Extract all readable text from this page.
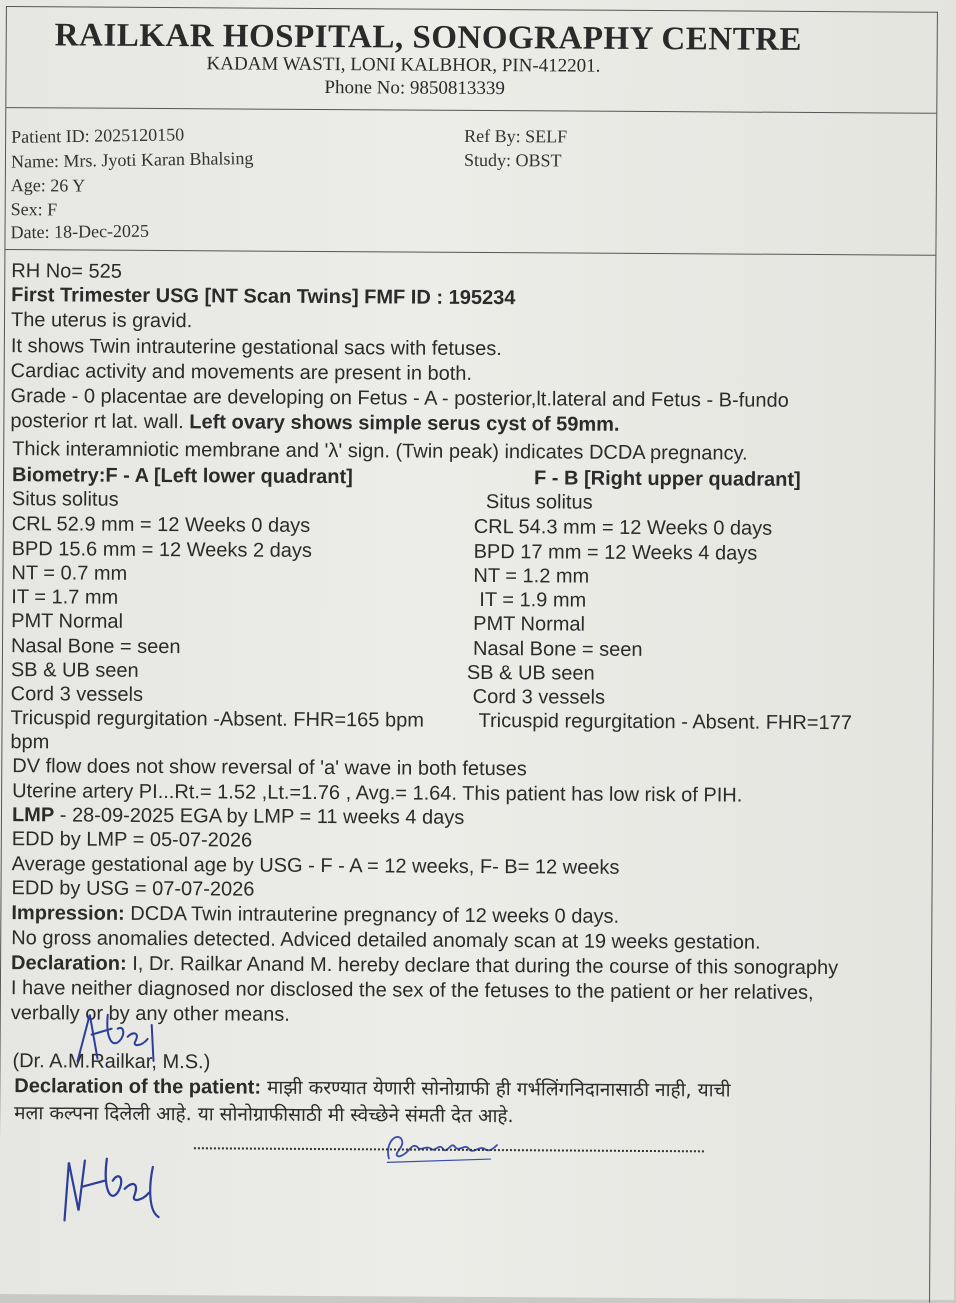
RAILKAR HOSPITAL, SONOGRAPHY CENTRE
KADAM WASTI, LONI KALBHOR, PIN-412201.
Phone No: 9850813339
Patient ID: 2025120150
Name: Mrs. Jyoti Karan Bhalsing
Age: 26 Y
Sex: F
Date: 18-Dec-2025
Ref By: SELF
Study: OBST
RH No= 525
First Trimester USG [NT Scan Twins] FMF ID : 195234
The uterus is gravid.
It shows Twin intrauterine gestational sacs with fetuses.
Cardiac activity and movements are present in both.
Grade - 0 placentae are developing on Fetus - A - posterior,lt.lateral and Fetus - B-fundo
posterior rt lat. wall. Left ovary shows simple serus cyst of 59mm.
Thick interamniotic membrane and 'λ' sign. (Twin peak) indicates DCDA pregnancy.
Biometry:F - A [Left lower quadrant]	F - B [Right upper quadrant]
Situs solitus
CRL 52.9 mm = 12 Weeks 0 days
BPD 15.6 mm = 12 Weeks 2 days
NT = 0.7 mm
IT = 1.7 mm
PMT Normal
Nasal Bone = seen
SB & UB seen
Cord 3 vessels
Tricuspid regurgitation -Absent. FHR=165 bpm
bpm
Situs solitus
CRL 54.3 mm = 12 Weeks 0 days
BPD 17 mm = 12 Weeks 4 days
NT = 1.2 mm
IT = 1.9 mm
PMT Normal
Nasal Bone = seen
SB & UB seen
Cord 3 vessels
Tricuspid regurgitation - Absent. FHR=177
DV flow does not show reversal of 'a' wave in both fetuses
Uterine artery PI...Rt.= 1.52 ,Lt.=1.76 , Avg.= 1.64. This patient has low risk of PIH.
LMP - 28-09-2025 EGA by LMP = 11 weeks 4 days
EDD by LMP = 05-07-2026
Average gestational age by USG - F - A = 12 weeks, F- B= 12 weeks
EDD by USG = 07-07-2026
Impression: DCDA Twin intrauterine pregnancy of 12 weeks 0 days.
No gross anomalies detected. Adviced detailed anomaly scan at 19 weeks gestation.
Declaration: I, Dr. Railkar Anand M. hereby declare that during the course of this sonography
I have neither diagnosed nor disclosed the sex of the fetuses to the patient or her relatives,
verbally or by any other means.
(Dr. A.M.Railkar, M.S.)
Declaration of the patient: माझी करण्यात येणारी सोनोग्राफी ही गर्भलिंगनिदानासाठी नाही, याची
मला कल्पना दिलेली आहे. या सोनोग्राफीसाठी मी स्वेच्छेने संमती देत आहे.
